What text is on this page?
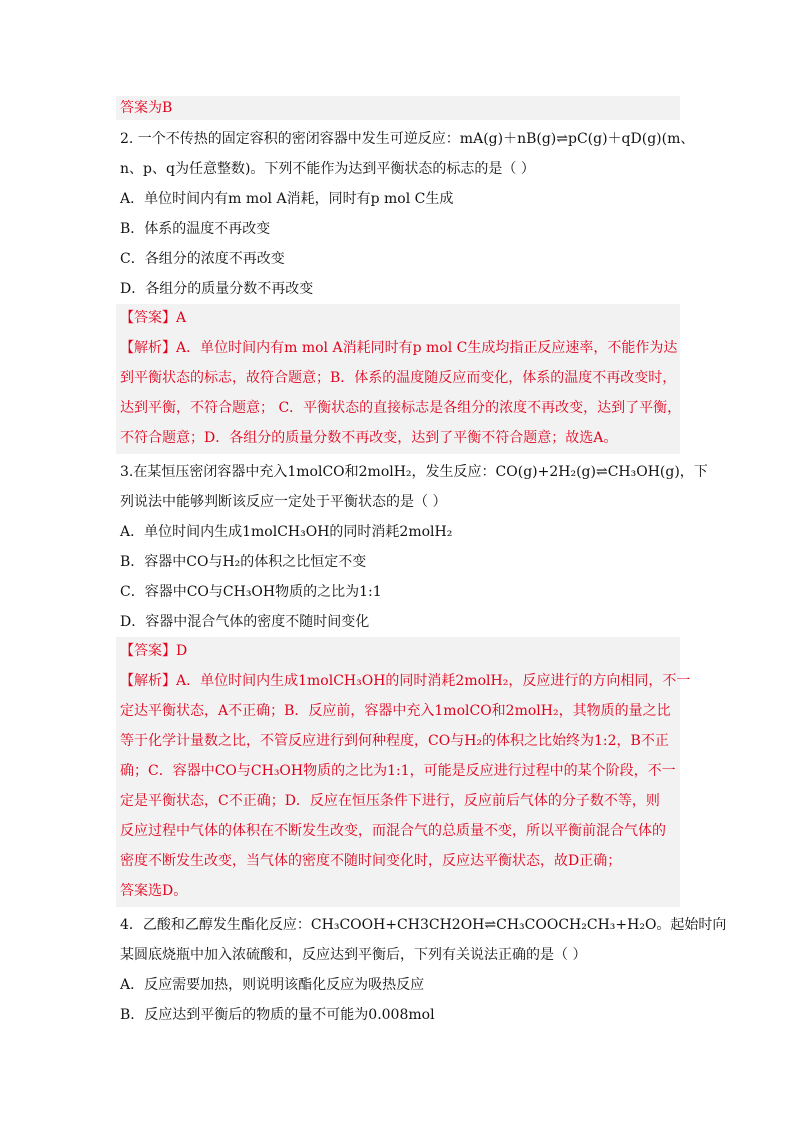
答案为B
2. 一个不传热的固定容积的密闭容器中发生可逆反应：mA(g)＋nB(g)⇌pC(g)＋qD(g)(m、
n、p、q为任意整数)。下列不能作为达到平衡状态的标志的是（ ）
A．单位时间内有m mol A消耗，同时有p mol C生成
B．体系的温度不再改变
C．各组分的浓度不再改变
D．各组分的质量分数不再改变
【答案】A
【解析】A．单位时间内有m mol A消耗同时有p mol C生成均指正反应速率，不能作为达
到平衡状态的标志，故符合题意；B．体系的温度随反应而变化，体系的温度不再改变时，
达到平衡，不符合题意； C．平衡状态的直接标志是各组分的浓度不再改变，达到了平衡，
不符合题意；D．各组分的质量分数不再改变，达到了平衡不符合题意；故选A。
3.在某恒压密闭容器中充入1molCO和2molH₂，发生反应：CO(g)+2H₂(g)⇌CH₃OH(g)，下
列说法中能够判断该反应一定处于平衡状态的是（ ）
A．单位时间内生成1molCH₃OH的同时消耗2molH₂
B．容器中CO与H₂的体积之比恒定不变
C．容器中CO与CH₃OH物质的之比为1:1
D．容器中混合气体的密度不随时间变化
【答案】D
【解析】A．单位时间内生成1molCH₃OH的同时消耗2molH₂，反应进行的方向相同，不一
定达平衡状态，A不正确；B．反应前，容器中充入1molCO和2molH₂，其物质的量之比
等于化学计量数之比，不管反应进行到何种程度，CO与H₂的体积之比始终为1:2，B不正
确；C．容器中CO与CH₃OH物质的之比为1:1，可能是反应进行过程中的某个阶段，不一
定是平衡状态，C不正确；D．反应在恒压条件下进行，反应前后气体的分子数不等，则
反应过程中气体的体积在不断发生改变，而混合气的总质量不变，所以平衡前混合气体的
密度不断发生改变，当气体的密度不随时间变化时，反应达平衡状态，故D正确；
答案选D。
4．乙酸和乙醇发生酯化反应：CH₃COOH+CH3CH2OH⇌CH₃COOCH₂CH₃+H₂O。起始时向
某圆底烧瓶中加入浓硫酸和，反应达到平衡后，下列有关说法正确的是（ ）
A．反应需要加热，则说明该酯化反应为吸热反应
B．反应达到平衡后的物质的量不可能为0.008mol
